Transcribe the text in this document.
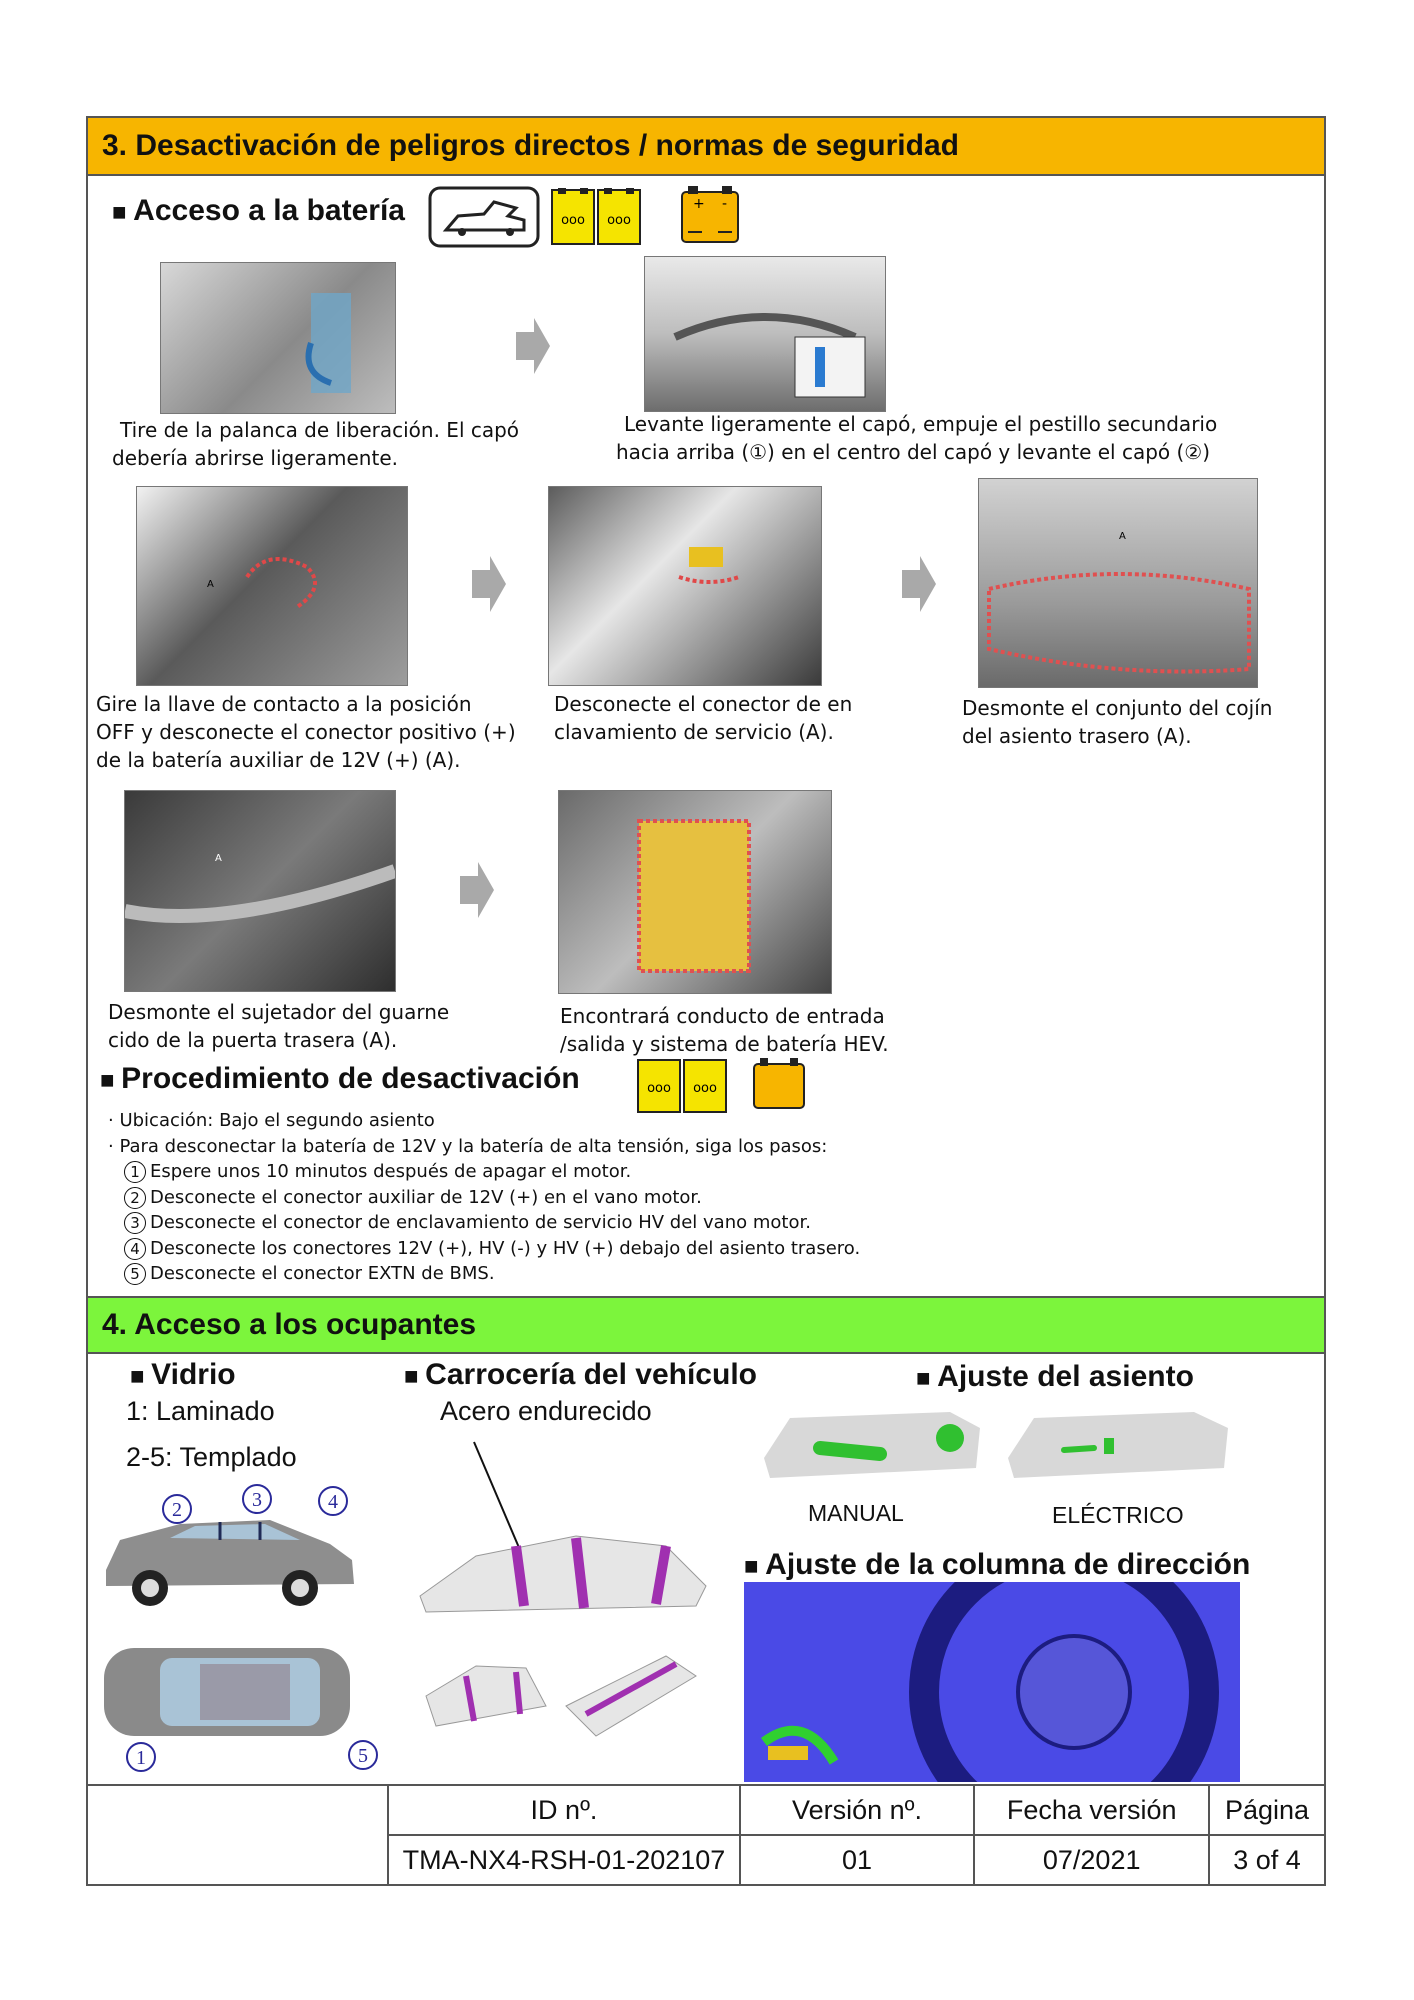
3. Desactivación de peligros directos / normas de seguridad
■ Acceso a la batería	ooo ooo
+ -
Tire de la palanca de liberación. El capó debería abrirse ligeramente.
Levante ligeramente el capó, empuje el pestillo secundario hacia arriba (①) en el centro del capó y levante el capó (②)
A
A
Gire la llave de contacto a la posición OFF y desconecte el conector positivo (+) de la batería auxiliar de 12V (+) (A).
Desconecte el conector de en clavamiento de servicio (A).
Desmonte el conjunto del cojín del asiento trasero (A).
A
Desmonte el sujetador del guarne cido de la puerta trasera (A).
Encontrará conducto de entrada /salida y sistema de batería HEV.
■ Procedimiento de desactivación	ooo ooo
· Ubicación: Bajo el segundo asiento
· Para desconectar la batería de 12V y la batería de alta tensión, siga los pasos:
1 Espere unos 10 minutos después de apagar el motor.
2 Desconecte el conector auxiliar de 12V (+) en el vano motor.
3 Desconecte el conector de enclavamiento de servicio HV del vano motor.
4 Desconecte los conectores 12V (+), HV (-) y HV (+) debajo del asiento trasero.
5 Desconecte el conector EXTN de BMS.
4. Acceso a los ocupantes
■ Vidrio
1: Laminado
2-5: Templado
2	3	4
1	5
■ Carrocería del vehículo
Acero endurecido
■ Ajuste del asiento
MANUAL	ELÉCTRICO
■ Ajuste de la columna de dirección
	ID nº.	Versión nº.	Fecha versión	Página
	TMA-NX4-RSH-01-202107	01	07/2021	3 of 4
